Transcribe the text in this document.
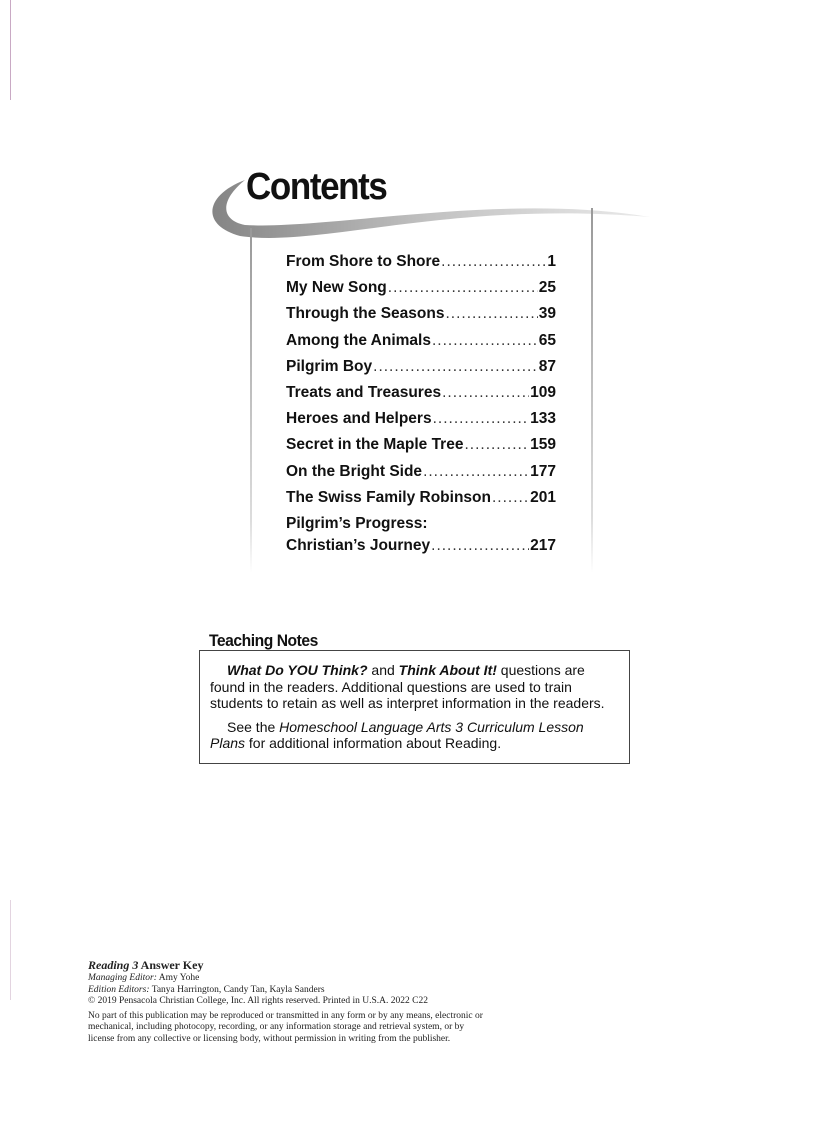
Contents
From Shore to Shore .....	1
My New Song .....	25
Through the Seasons .....	39
Among the Animals .....	65
Pilgrim Boy .....	87
Treats and Treasures .....	109
Heroes and Helpers .....	133
Secret in the Maple Tree .....	159
On the Bright Side .....	177
The Swiss Family Robinson .....	201
Pilgrim’s Progress:
Christian’s Journey .....	217
Teaching Notes

What Do YOU Think? and Think About It! questions are found in the readers. Additional questions are used to train students to retain as well as interpret information in the readers.

See the Homeschool Language Arts 3 Curriculum Lesson Plans for additional information about Reading.

Reading 3 Answer Key
Managing Editor: Amy Yohe
Edition Editors: Tanya Harrington, Candy Tan, Kayla Sanders
© 2019 Pensacola Christian College, Inc. All rights reserved. Printed in U.S.A. 2022 C22
No part of this publication may be reproduced or transmitted in any form or by any means, electronic or mechanical, including photocopy, recording, or any information storage and retrieval system, or by license from any collective or licensing body, without permission in writing from the publisher.
